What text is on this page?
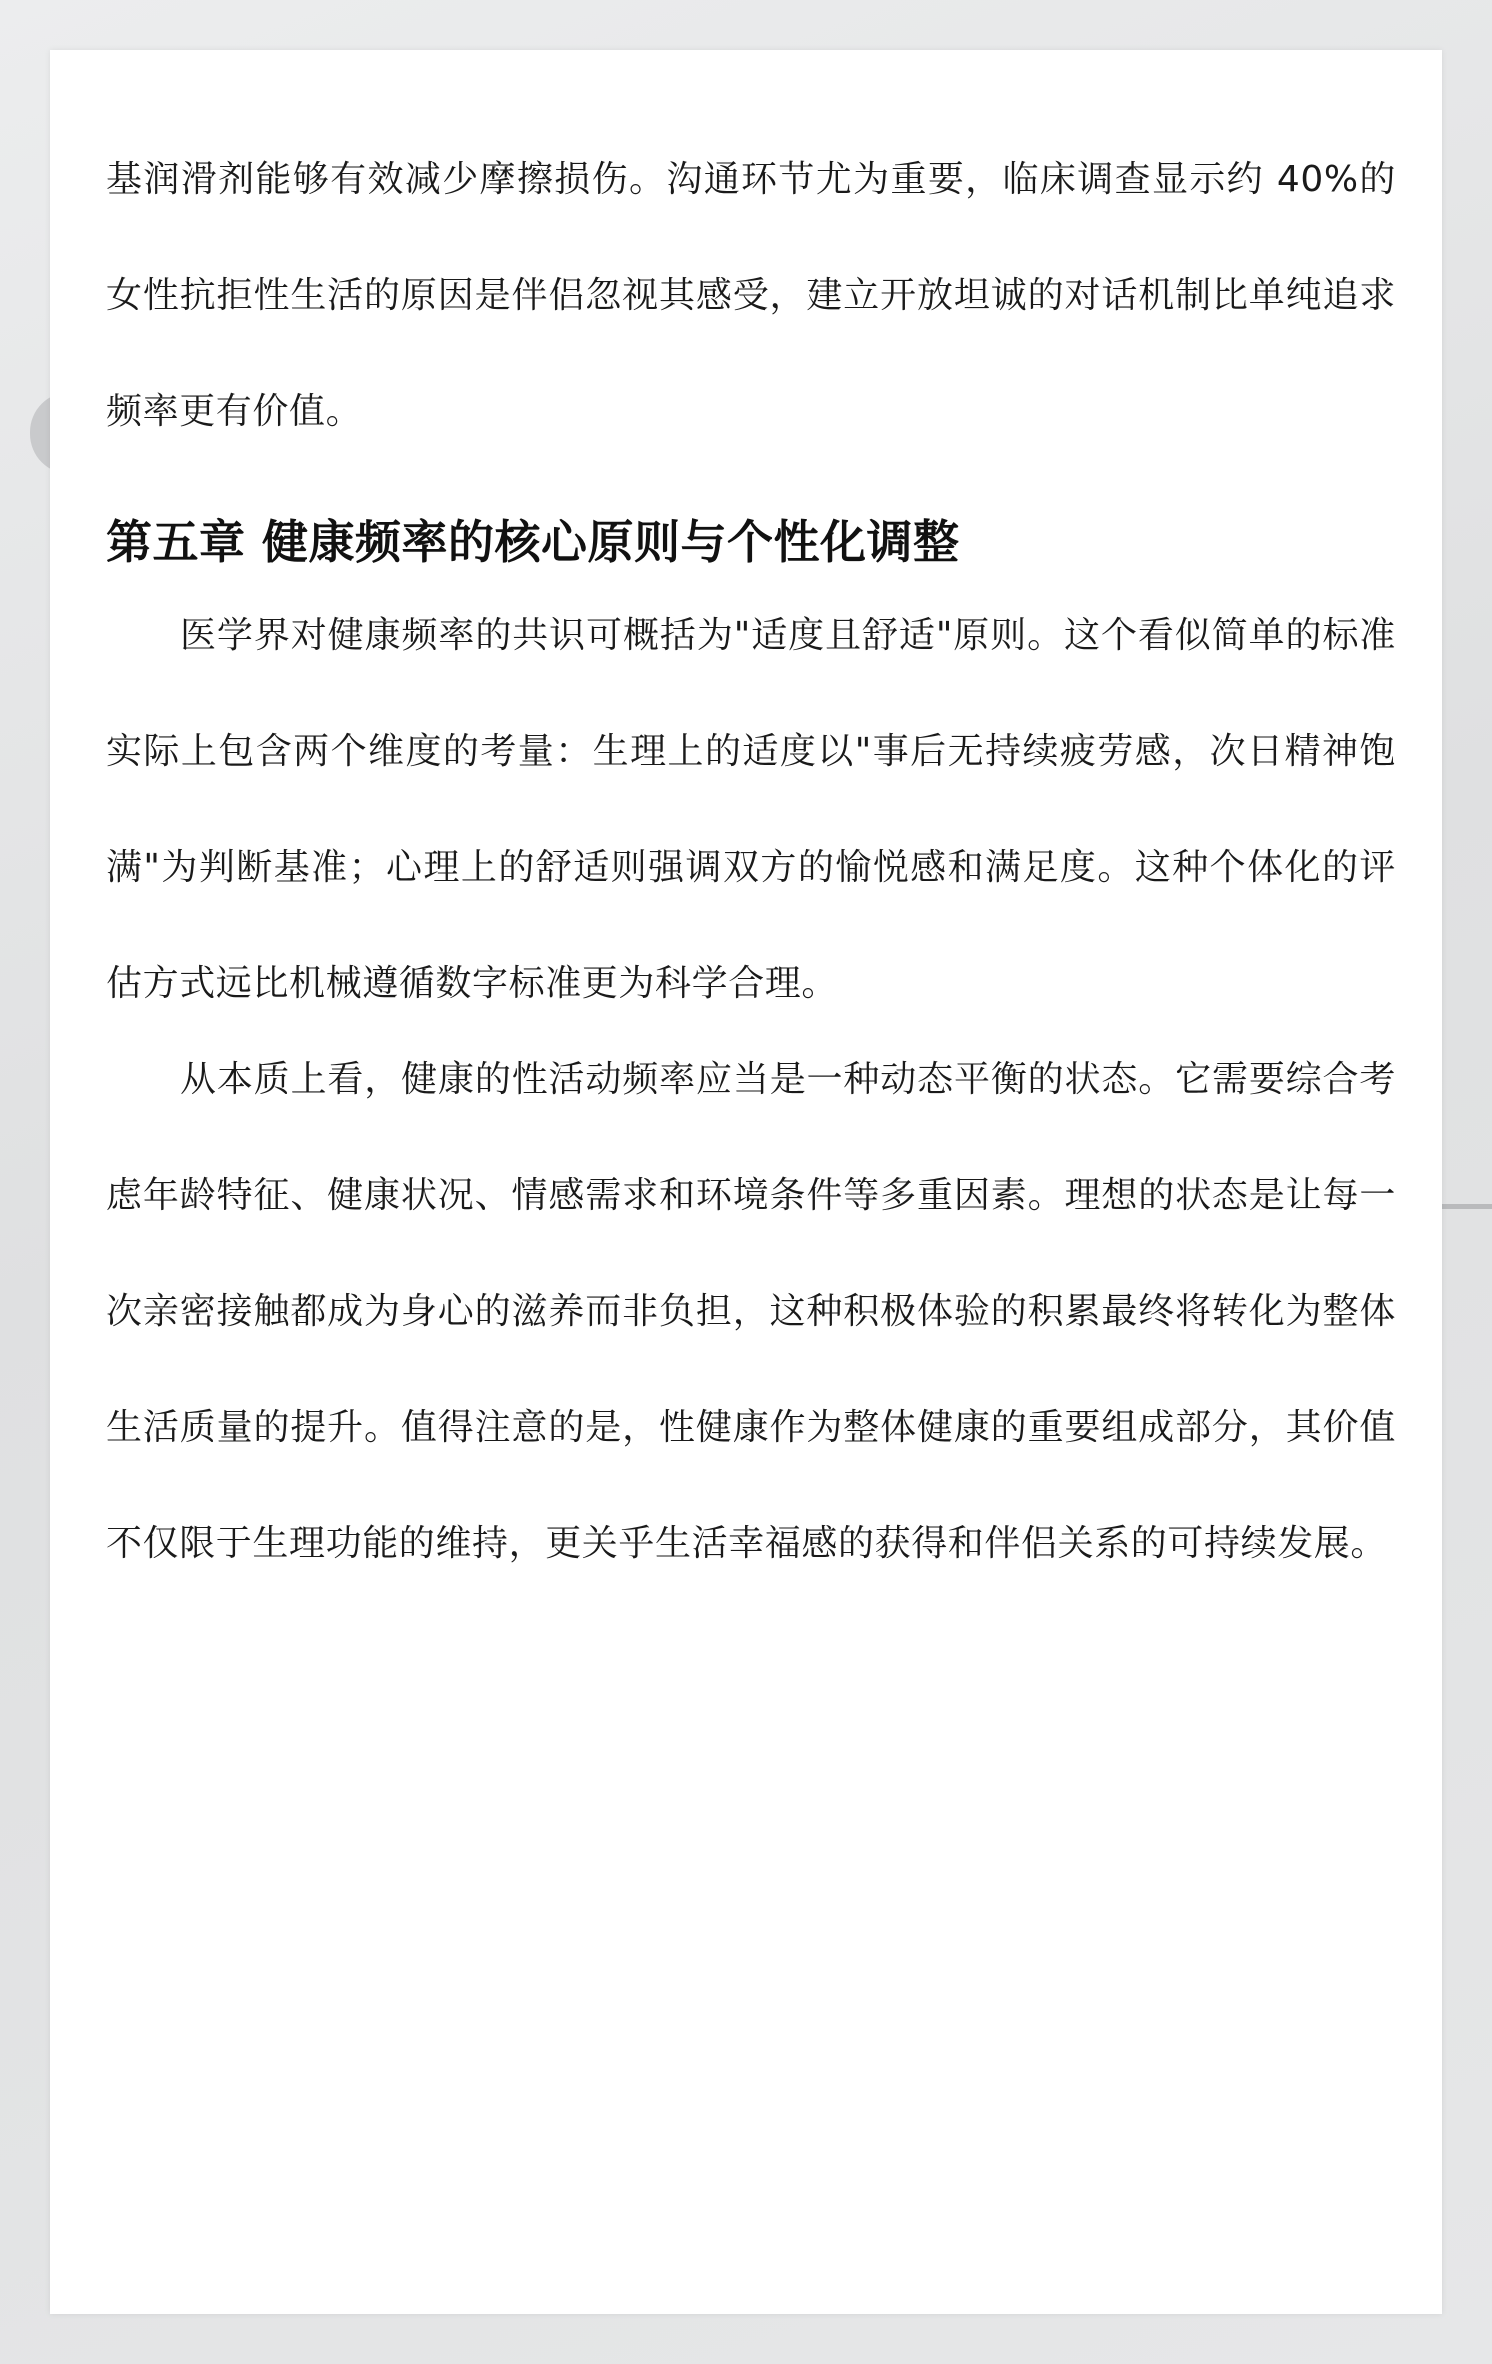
基润滑剂能够有效减少摩擦损伤。沟通环节尤为重要，临床调查显示约 40%的女性抗拒性生活的原因是伴侣忽视其感受，建立开放坦诚的对话机制比单纯追求频率更有价值。

第五章 健康频率的核心原则与个性化调整

医学界对健康频率的共识可概括为"适度且舒适"原则。这个看似简单的标准实际上包含两个维度的考量：生理上的适度以"事后无持续疲劳感，次日精神饱满"为判断基准；心理上的舒适则强调双方的愉悦感和满足度。这种个体化的评估方式远比机械遵循数字标准更为科学合理。

从本质上看，健康的性活动频率应当是一种动态平衡的状态。它需要综合考虑年龄特征、健康状况、情感需求和环境条件等多重因素。理想的状态是让每一次亲密接触都成为身心的滋养而非负担，这种积极体验的积累最终将转化为整体生活质量的提升。值得注意的是，性健康作为整体健康的重要组成部分，其价值不仅限于生理功能的维持，更关乎生活幸福感的获得和伴侣关系的可持续发展。
